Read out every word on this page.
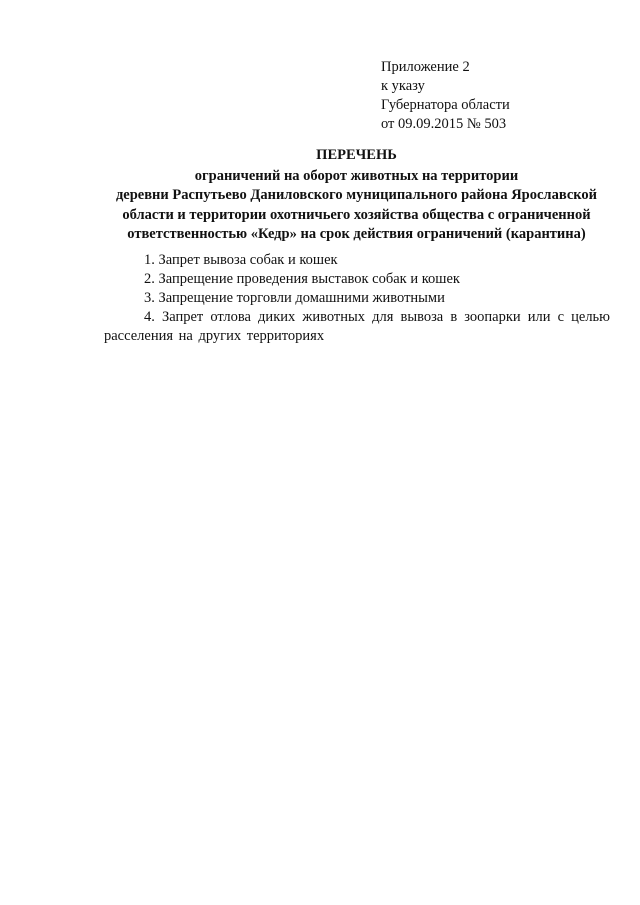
Приложение 2
к указу
Губернатора области
от 09.09.2015 № 503
ПЕРЕЧЕНЬ
ограничений на оборот животных на территории
деревни Распутьево Даниловского муниципального района Ярославской
области и территории охотничьего хозяйства общества с ограниченной
ответственностью «Кедр» на срок действия ограничений (карантина)
1. Запрет вывоза собак и кошек
2. Запрещение проведения выставок собак и кошек
3. Запрещение торговли домашними животными
4. Запрет отлова диких животных для вывоза в зоопарки или с целью расселения на других территориях
